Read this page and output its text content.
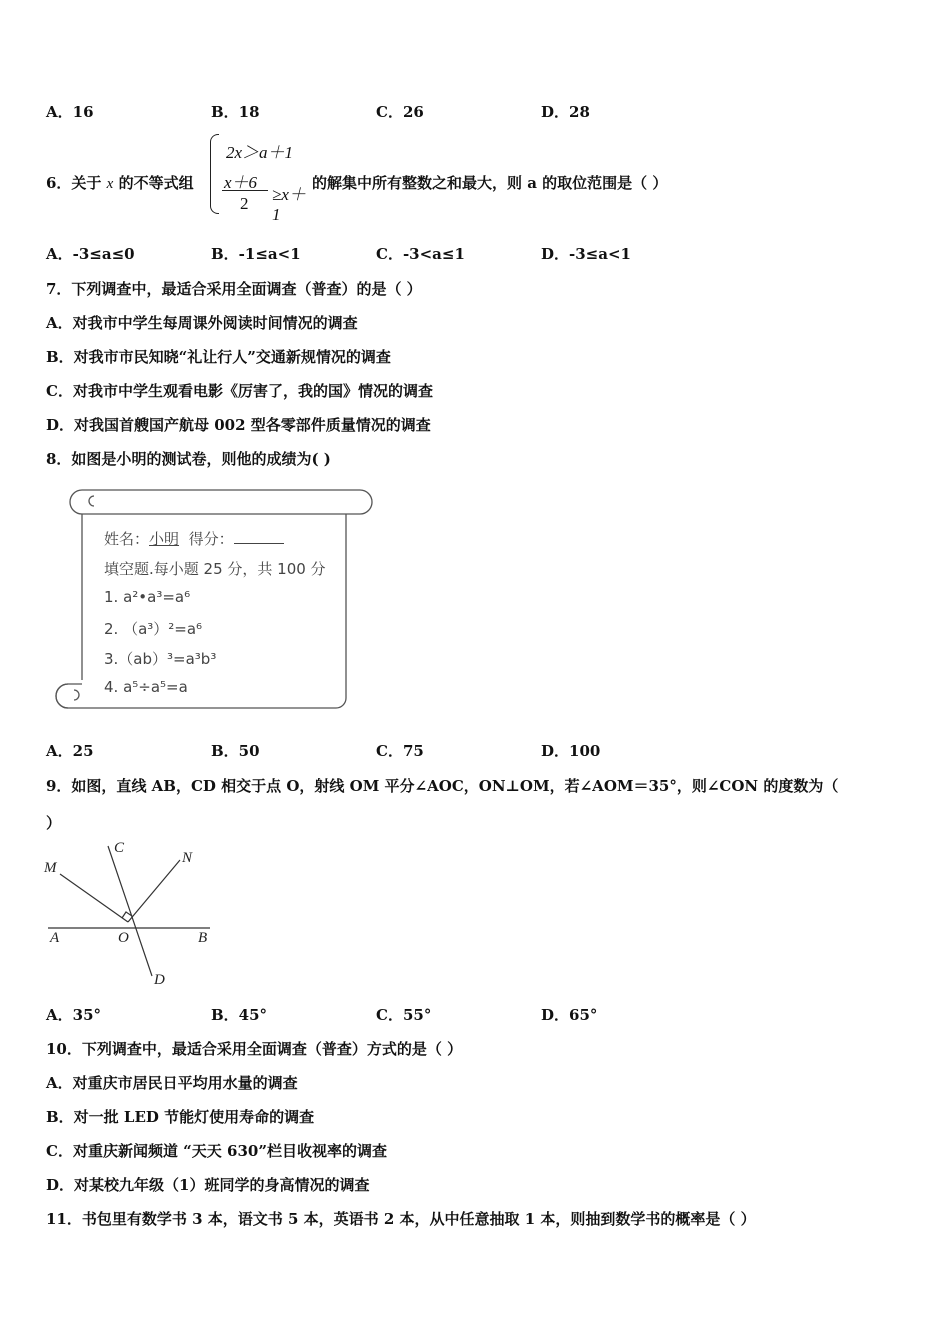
A．16	B．18	C．26	D．28
6．关于 x 的不等式组
2x＞a＋1
x＋6
2 ≥x＋1
的解集中所有整数之和最大，则 a 的取位范围是（ ）
A．-3≤a≤0	B．-1≤a<1	C．-3<a≤1	D．-3≤a<1
7．下列调查中，最适合采用全面调查（普查）的是（ ）
A．对我市中学生每周课外阅读时间情况的调查
B．对我市市民知晓“礼让行人”交通新规情况的调查
C．对我市中学生观看电影《厉害了，我的国》情况的调查
D．对我国首艘国产航母 002 型各零部件质量情况的调查
8．如图是小明的测试卷，则他的成绩为( )
姓名：小明 得分：
填空题.每小题 25 分，共 100 分
1. a²•a³=a⁶
2. （a³）²=a⁶
3.（ab）³=a³b³
4. a⁵÷a⁵=a
A．25	B．50	C．75	D．100
9．如图，直线 AB，CD 相交于点 O，射线 OM 平分∠AOC，ON⊥OM，若∠AOM＝35°，则∠CON 的度数为（
）
M
C
N
A	O	B
D
A．35°	B．45°	C．55°	D．65°
10．下列调查中，最适合采用全面调查（普查）方式的是（ ）
A．对重庆市居民日平均用水量的调查
B．对一批 LED 节能灯使用寿命的调查
C．对重庆新闻频道 “天天 630”栏目收视率的调查
D．对某校九年级（1）班同学的身高情况的调查
11．书包里有数学书 3 本，语文书 5 本，英语书 2 本，从中任意抽取 1 本，则抽到数学书的概率是（ ）
